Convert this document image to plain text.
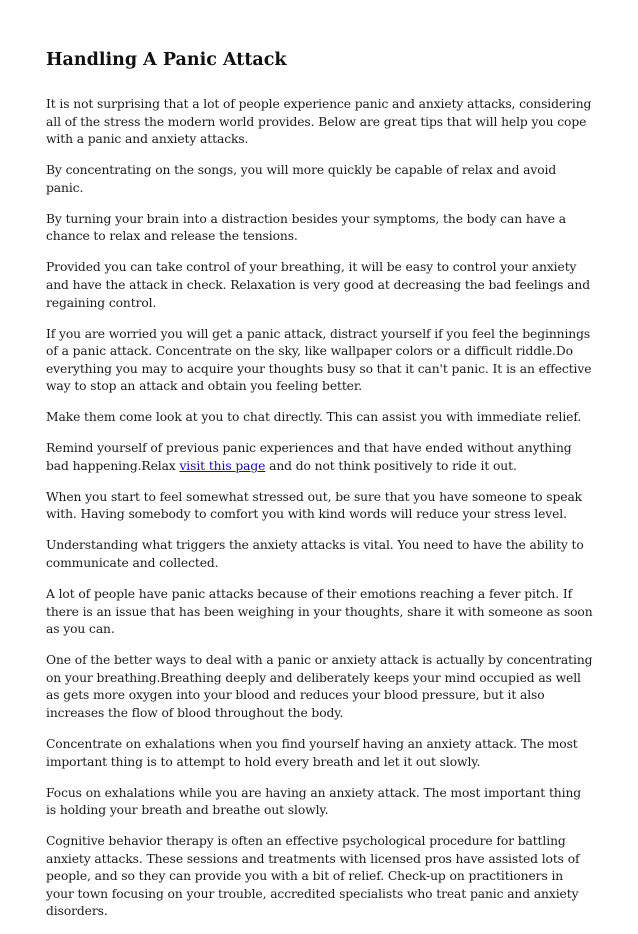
Handling A Panic Attack

It is not surprising that a lot of people experience panic and anxiety attacks, considering all of the stress the modern world provides. Below are great tips that will help you cope with a panic and anxiety attacks.

By concentrating on the songs, you will more quickly be capable of relax and avoid panic.

By turning your brain into a distraction besides your symptoms, the body can have a chance to relax and release the tensions.

Provided you can take control of your breathing, it will be easy to control your anxiety and have the attack in check. Relaxation is very good at decreasing the bad feelings and regaining control.

If you are worried you will get a panic attack, distract yourself if you feel the beginnings of a panic attack. Concentrate on the sky, like wallpaper colors or a difficult riddle.Do everything you may to acquire your thoughts busy so that it can't panic. It is an effective way to stop an attack and obtain you feeling better.

Make them come look at you to chat directly. This can assist you with immediate relief.

Remind yourself of previous panic experiences and that have ended without anything bad happening.Relax visit this page and do not think positively to ride it out.

When you start to feel somewhat stressed out, be sure that you have someone to speak with. Having somebody to comfort you with kind words will reduce your stress level.

Understanding what triggers the anxiety attacks is vital. You need to have the ability to communicate and collected.

A lot of people have panic attacks because of their emotions reaching a fever pitch. If there is an issue that has been weighing in your thoughts, share it with someone as soon as you can.

One of the better ways to deal with a panic or anxiety attack is actually by concentrating on your breathing.Breathing deeply and deliberately keeps your mind occupied as well as gets more oxygen into your blood and reduces your blood pressure, but it also increases the flow of blood throughout the body.

Concentrate on exhalations when you find yourself having an anxiety attack. The most important thing is to attempt to hold every breath and let it out slowly.

Focus on exhalations while you are having an anxiety attack. The most important thing is holding your breath and breathe out slowly.

Cognitive behavior therapy is often an effective psychological procedure for battling anxiety attacks. These sessions and treatments with licensed pros have assisted lots of people, and so they can provide you with a bit of relief. Check-up on practitioners in your town focusing on your trouble, accredited specialists who treat panic and anxiety disorders.
